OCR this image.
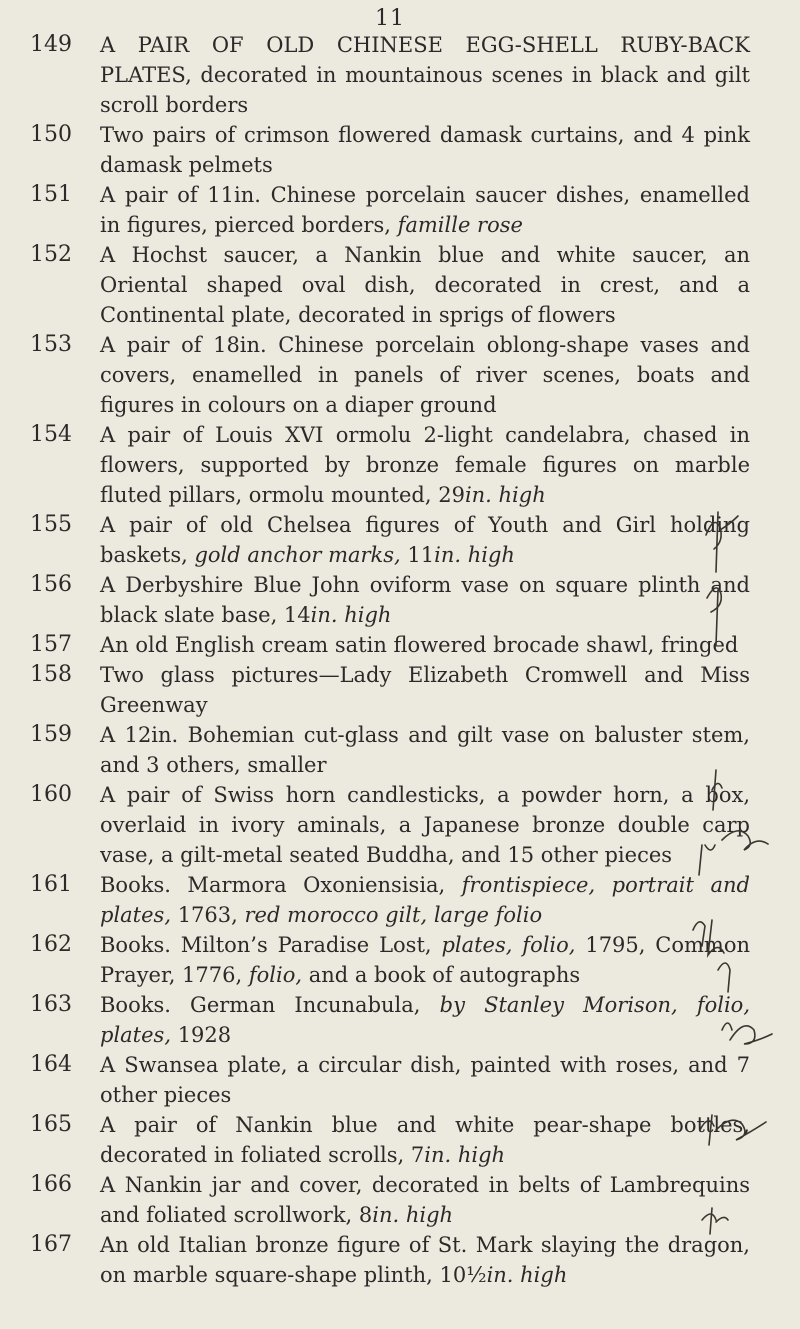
11
149	A PAIR OF OLD CHINESE EGG-SHELL RUBY-BACK PLATES, decorated in mountainous scenes in black and gilt scroll borders
150	Two pairs of crimson flowered damask curtains, and 4 pink damask pelmets
151	A pair of 11in. Chinese porcelain saucer dishes, enamelled in figures, pierced borders, famille rose
152	A Hochst saucer, a Nankin blue and white saucer, an Oriental shaped oval dish, decorated in crest, and a Continental plate, decorated in sprigs of flowers
153	A pair of 18in. Chinese porcelain oblong-shape vases and covers, enamelled in panels of river scenes, boats and figures in colours on a diaper ground
154	A pair of Louis XVI ormolu 2-light candelabra, chased in flowers, supported by bronze female figures on marble fluted pillars, ormolu mounted, 29in. high
155	A pair of old Chelsea figures of Youth and Girl holding baskets, gold anchor marks, 11in. high
156	A Derbyshire Blue John oviform vase on square plinth and black slate base, 14in. high
157	An old English cream satin flowered brocade shawl, fringed
158	Two glass pictures—Lady Elizabeth Cromwell and Miss Greenway
159	A 12in. Bohemian cut-glass and gilt vase on baluster stem, and 3 others, smaller
160	A pair of Swiss horn candlesticks, a powder horn, a box, overlaid in ivory aminals, a Japanese bronze double carp vase, a gilt-metal seated Buddha, and 15 other pieces
161	Books. Marmora Oxoniensisia, frontispiece, portrait and plates, 1763, red morocco gilt, large folio
162	Books. Milton’s Paradise Lost, plates, folio, 1795, Common Prayer, 1776, folio, and a book of autographs
163	Books. German Incunabula, by Stanley Morison, folio, plates, 1928
164	A Swansea plate, a circular dish, painted with roses, and 7 other pieces
165	A pair of Nankin blue and white pear-shape bottles, decorated in foliated scrolls, 7in. high
166	A Nankin jar and cover, decorated in belts of Lambrequins and foliated scrollwork, 8in. high
167	An old Italian bronze figure of St. Mark slaying the dragon, on marble square-shape plinth, 10½in. high
